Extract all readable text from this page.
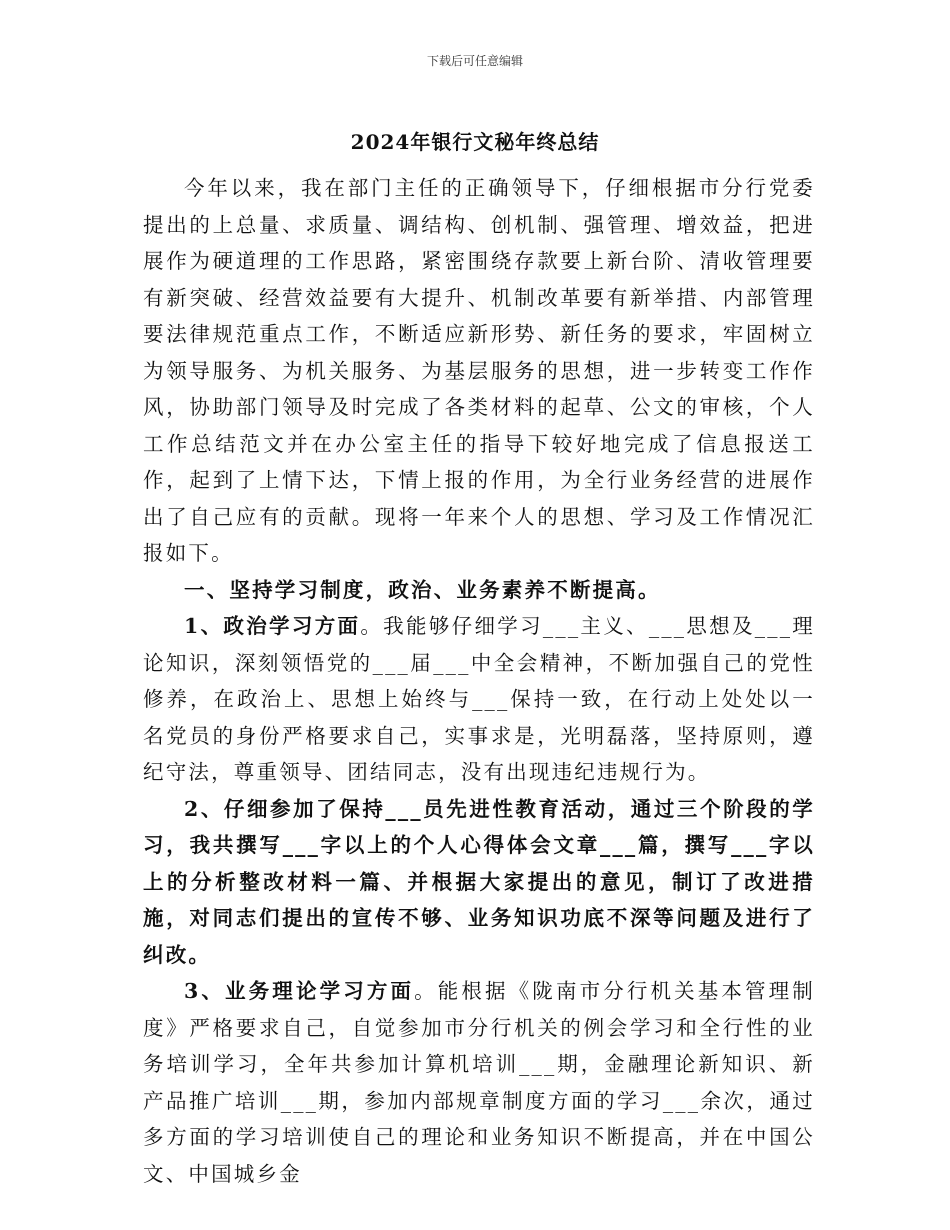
下载后可任意编辑
2024年银行文秘年终总结

今年以来，我在部门主任的正确领导下，仔细根据市分行党委提出的上总量、求质量、调结构、创机制、强管理、增效益，把进展作为硬道理的工作思路，紧密围绕存款要上新台阶、清收管理要有新突破、经营效益要有大提升、机制改革要有新举措、内部管理要法律规范重点工作，不断适应新形势、新任务的要求，牢固树立为领导服务、为机关服务、为基层服务的思想，进一步转变工作作风，协助部门领导及时完成了各类材料的起草、公文的审核，个人工作总结范文并在办公室主任的指导下较好地完成了信息报送工作，起到了上情下达，下情上报的作用，为全行业务经营的进展作出了自己应有的贡献。现将一年来个人的思想、学习及工作情况汇报如下。

一、坚持学习制度，政治、业务素养不断提高。

1、政治学习方面。我能够仔细学习___主义、___思想及___理论知识，深刻领悟党的___届___中全会精神，不断加强自己的党性修养，在政治上、思想上始终与___保持一致，在行动上处处以一名党员的身份严格要求自己，实事求是，光明磊落，坚持原则，遵纪守法，尊重领导、团结同志，没有出现违纪违规行为。

2、仔细参加了保持___员先进性教育活动，通过三个阶段的学习，我共撰写___字以上的个人心得体会文章___篇，撰写___字以上的分析整改材料一篇、并根据大家提出的意见，制订了改进措施，对同志们提出的宣传不够、业务知识功底不深等问题及进行了纠改。

3、业务理论学习方面。能根据《陇南市分行机关基本管理制度》严格要求自己，自觉参加市分行机关的例会学习和全行性的业务培训学习，全年共参加计算机培训___期，金融理论新知识、新产品推广培训___期，参加内部规章制度方面的学习___余次，通过多方面的学习培训使自己的理论和业务知识不断提高，并在中国公文、中国城乡金
